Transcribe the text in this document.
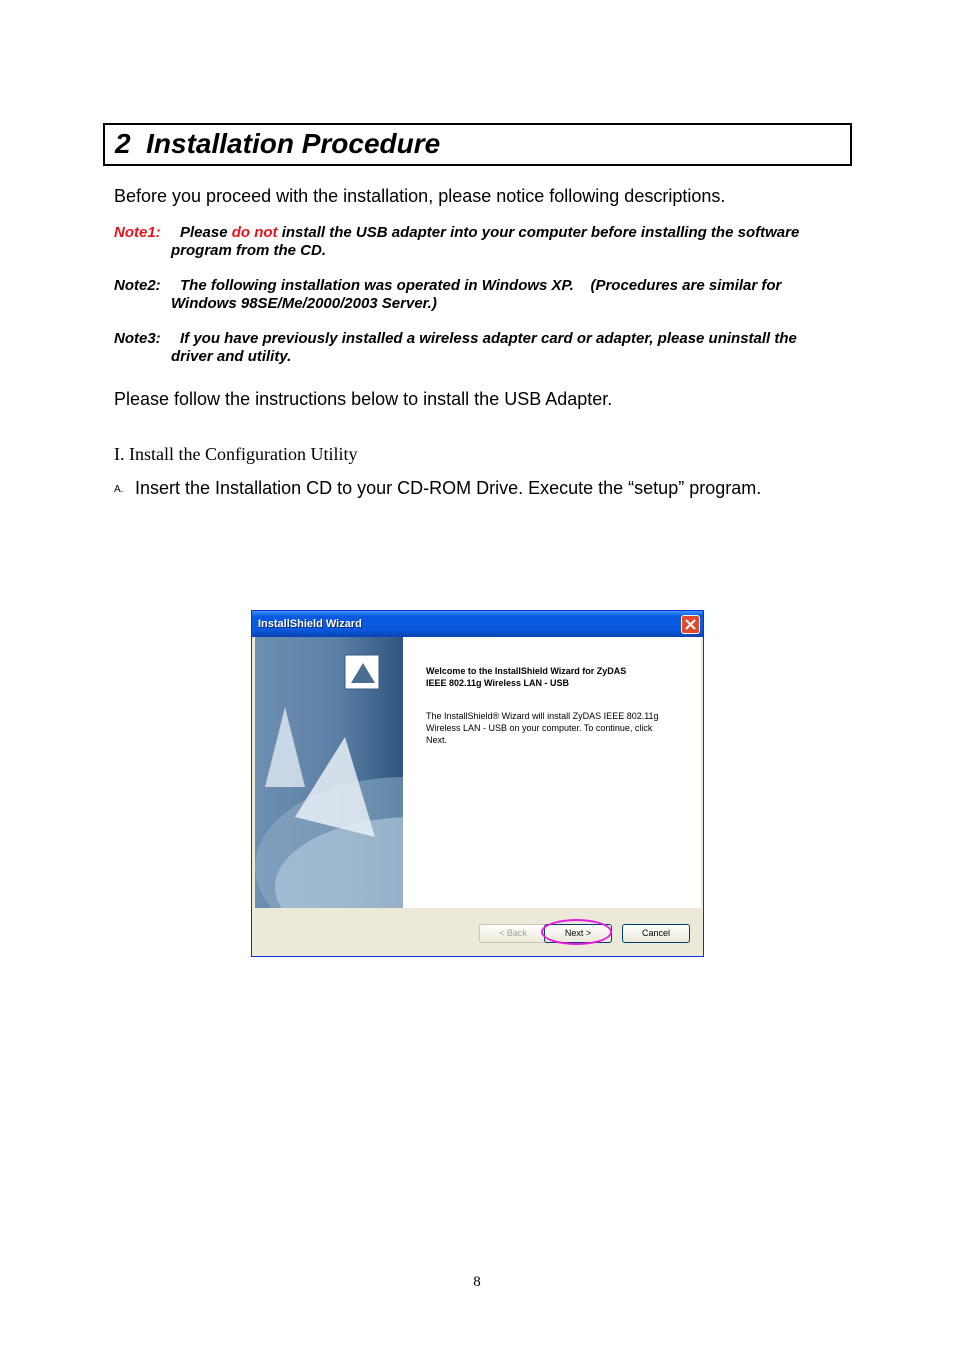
2 Installation Procedure
Before you proceed with the installation, please notice following descriptions.
Note1: Please do not install the USB adapter into your computer before installing the software
program from the CD.
Note2: The following installation was operated in Windows XP.    (Procedures are similar for
Windows 98SE/Me/2000/2003 Server.)
Note3: If you have previously installed a wireless adapter card or adapter, please uninstall the
driver and utility.
Please follow the instructions below to install the USB Adapter.
I. Install the Configuration Utility
A. Insert the Installation CD to your CD-ROM Drive. Execute the “setup” program.
InstallShield Wizard
Welcome to the InstallShield Wizard for ZyDAS
IEEE 802.11g Wireless LAN - USB
The InstallShield® Wizard will install ZyDAS IEEE 802.11g
Wireless LAN - USB on your computer. To continue, click
Next.
< Back	Next >	Cancel
8
